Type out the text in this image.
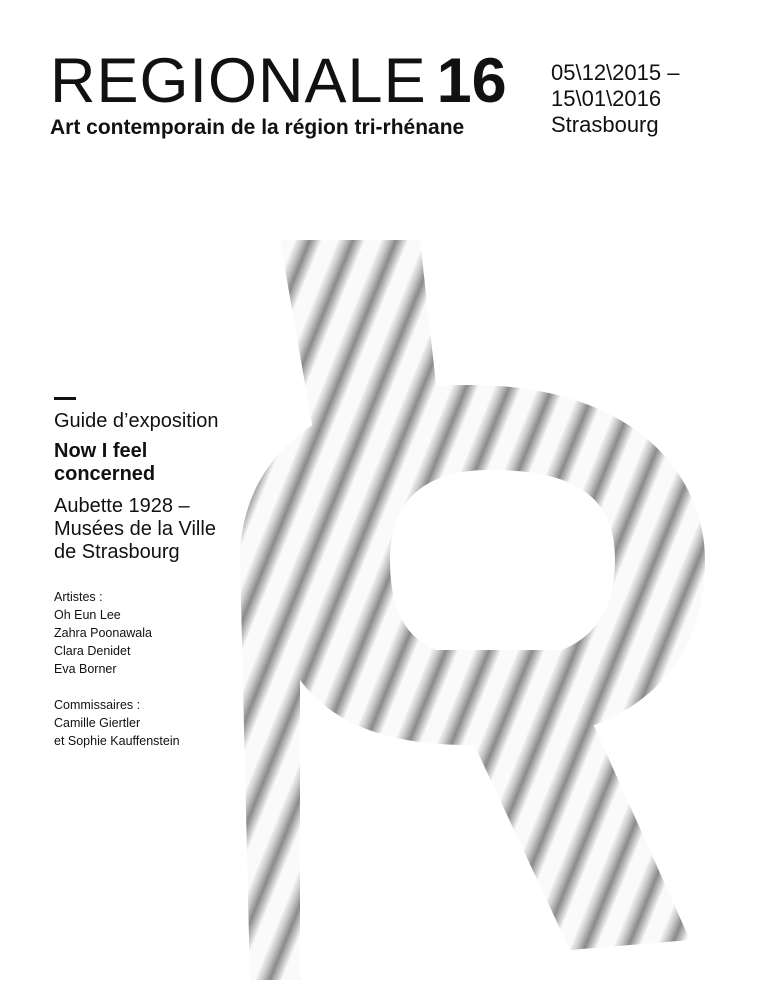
REGIONALE 16
Art contemporain de la région tri-rhénane
05\12\2015 –
15\01\2016
Strasbourg
Guide d’exposition
Now I feel
concerned
Aubette 1928 –
Musées de la Ville
de Strasbourg
Artistes :
Oh Eun Lee
Zahra Poonawala
Clara Denidet
Eva Borner
Commissaires :
Camille Giertler
et Sophie Kauffenstein
